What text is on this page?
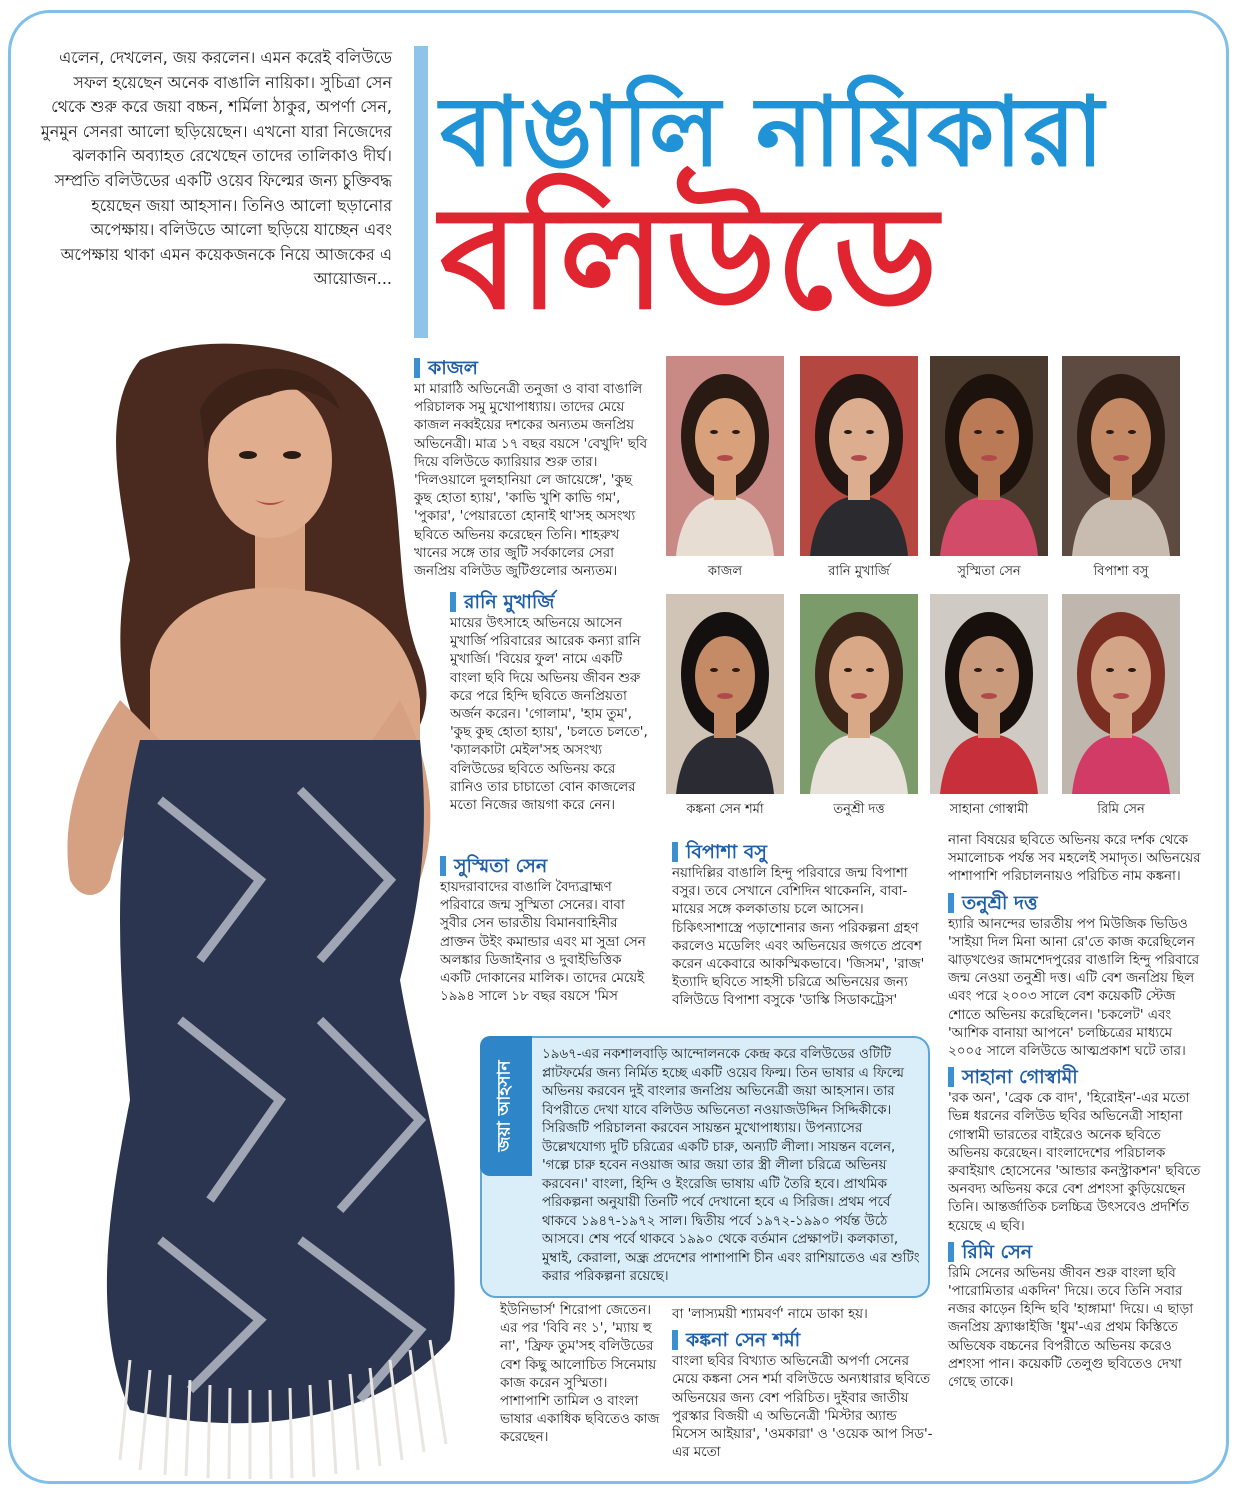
এলেন, দেখলেন, জয় করলেন। এমন করেই বলিউডে সফল হয়েছেন অনেক বাঙালি নায়িকা। সুচিত্রা সেন থেকে শুরু করে জয়া বচ্চন, শর্মিলা ঠাকুর, অপর্ণা সেন, মুনমুন সেনরা আলো ছড়িয়েছেন। এখনো যারা নিজেদের ঝলকানি অব্যাহত রেখেছেন তাদের তালিকাও দীর্ঘ। সম্প্রতি বলিউডের একটি ওয়েব ফিল্মের জন্য চুক্তিবদ্ধ হয়েছেন জয়া আহসান। তিনিও আলো ছড়ানোর অপেক্ষায়। বলিউডে আলো ছড়িয়ে যাচ্ছেন এবং অপেক্ষায় থাকা এমন কয়েকজনকে নিয়ে আজকের এ আয়োজন...
বাঙালি নায়িকারা
বলিউডে
কাজল
মা মারাঠি অভিনেত্রী তনুজা ও বাবা বাঙালি পরিচালক সমু মুখোপাধ্যায়। তাদের মেয়ে কাজল নব্বইয়ের দশকের অন্যতম জনপ্রিয় অভিনেত্রী। মাত্র ১৭ বছর বয়সে 'বেখুদি' ছবি দিয়ে বলিউডে ক্যারিয়ার শুরু তার। 'দিলওয়ালে দুলহানিয়া লে জায়েঙ্গে', 'কুছ কুছ হোতা হ্যায়', 'কাভি খুশি কাভি গম', 'পুকার', 'পেয়ারতো হোনাই থা'সহ অসংখ্য ছবিতে অভিনয় করেছেন তিনি। শাহরুখ খানের সঙ্গে তার জুটি সর্বকালের সেরা জনপ্রিয় বলিউড জুটিগুলোর অন্যতম।
রানি মুখার্জি
মায়ের উৎসাহে অভিনয়ে আসেন মুখার্জি পরিবারের আরেক কন্যা রানি মুখার্জি। 'বিয়ের ফুল' নামে একটি বাংলা ছবি দিয়ে অভিনয় জীবন শুরু করে পরে হিন্দি ছবিতে জনপ্রিয়তা অর্জন করেন। 'গোলাম', 'হাম তুম', 'কুছ কুছ হোতা হ্যায়', 'চলতে চলতে', 'ক্যালকাটা মেইল'সহ অসংখ্য বলিউডের ছবিতে অভিনয় করে রানিও তার চাচাতো বোন কাজলের মতো নিজের জায়গা করে নেন।
সুস্মিতা সেন
হায়দরাবাদের বাঙালি বৈদ্যব্রাহ্মণ পরিবারে জন্ম সুস্মিতা সেনের। বাবা সুবীর সেন ভারতীয় বিমানবাহিনীর প্রাক্তন উইং কমান্ডার এবং মা সুভ্রা সেন অলঙ্কার ডিজাইনার ও দুবাইভিত্তিক একটি দোকানের মালিক। তাদের মেয়েই ১৯৯৪ সালে ১৮ বছর বয়সে 'মিস
ইউনিভার্স' শিরোপা জেতেন। এর পর 'বিবি নং ১', 'ম্যায় হু না', 'ফ্রিফ তুম'সহ বলিউডের বেশ কিছু আলোচিত সিনেমায় কাজ করেন সুস্মিতা। পাশাপাশি তামিল ও বাংলা ভাষার একাধিক ছবিতেও কাজ করেছেন।
কাজল	রানি মুখার্জি	সুস্মিতা সেন	বিপাশা বসু
কঙ্কনা সেন শর্মা	তনুশ্রী দত্ত	সাহানা গোস্বামী	রিমি সেন
বিপাশা বসু
নয়াদিল্লির বাঙালি হিন্দু পরিবারে জন্ম বিপাশা বসুর। তবে সেখানে বেশিদিন থাকেননি, বাবা-মায়ের সঙ্গে কলকাতায় চলে আসেন। চিকিৎসাশাস্ত্রে পড়াশোনার জন্য পরিকল্পনা গ্রহণ করলেও মডেলিং এবং অভিনয়ের জগতে প্রবেশ করেন একেবারে আকস্মিকভাবে। 'জিসম', 'রাজ' ইত্যাদি ছবিতে সাহসী চরিত্রে অভিনয়ের জন্য বলিউডে বিপাশা বসুকে 'ডাস্কি সিডাকট্রেস'
বা 'লাস্যময়ী শ্যামবর্ণ' নামে ডাকা হয়।
কঙ্কনা সেন শর্মা
বাংলা ছবির বিখ্যাত অভিনেত্রী অপর্ণা সেনের মেয়ে কঙ্কনা সেন শর্মা বলিউডে অন্যধারার ছবিতে অভিনয়ের জন্য বেশ পরিচিত। দুইবার জাতীয় পুরস্কার বিজয়ী এ অভিনেত্রী 'মিস্টার অ্যান্ড মিসেস আইয়ার', 'ওমকারা' ও 'ওয়েক আপ সিড'-এর মতো
নানা বিষয়ের ছবিতে অভিনয় করে দর্শক থেকে সমালোচক পর্যন্ত সব মহলেই সমাদৃত। অভিনয়ের পাশাপাশি পরিচালনায়ও পরিচিত নাম কঙ্কনা।
তনুশ্রী দত্ত
হ্যারি আনন্দের ভারতীয় পপ মিউজিক ভিডিও 'সাইয়া দিল মিনা আনা রে'তে কাজ করেছিলেন ঝাড়খণ্ডের জামশেদপুরের বাঙালি হিন্দু পরিবারে জন্ম নেওয়া তনুশ্রী দত্ত। এটি বেশ জনপ্রিয় ছিল এবং পরে ২০০৩ সালে বেশ কয়েকটি স্টেজ শোতে অভিনয় করেছিলেন। 'চকলেট' এবং 'আশিক বানায়া আপনে' চলচ্চিত্রের মাধ্যমে ২০০৫ সালে বলিউডে আত্মপ্রকাশ ঘটে তার।
সাহানা গোস্বামী
'রক অন', 'ব্রেক কে বাদ', 'হিরোইন'-এর মতো ভিন্ন ধরনের বলিউড ছবির অভিনেত্রী সাহানা গোস্বামী ভারতের বাইরেও অনেক ছবিতে অভিনয় করেছেন। বাংলাদেশের পরিচালক রুবাইয়াৎ হোসেনের 'আন্ডার কনস্ট্রাকশন' ছবিতে অনবদ্য অভিনয় করে বেশ প্রশংসা কুড়িয়েছেন তিনি। আন্তর্জাতিক চলচ্চিত্র উৎসবেও প্রদর্শিত হয়েছে এ ছবি।
রিমি সেন
রিমি সেনের অভিনয় জীবন শুরু বাংলা ছবি 'পারোমিতার একদিন' দিয়ে। তবে তিনি সবার নজর কাড়েন হিন্দি ছবি 'হাঙ্গামা' দিয়ে। এ ছাড়া জনপ্রিয় ফ্র্যাঞ্চাইজি 'ধুম'-এর প্রথম কিস্তিতে অভিষেক বচ্চনের বিপরীতে অভিনয় করেও প্রশংসা পান। কয়েকটি তেলুগু ছবিতেও দেখা গেছে তাকে।
জয়া আহসান
১৯৬৭-এর নকশালবাড়ি আন্দোলনকে কেন্দ্র করে বলিউডের ওটিটি প্লাটফর্মের জন্য নির্মিত হচ্ছে একটি ওয়েব ফিল্ম। তিন ভাষার এ ফিল্মে অভিনয় করবেন দুই বাংলার জনপ্রিয় অভিনেত্রী জয়া আহসান। তার বিপরীতে দেখা যাবে বলিউড অভিনেতা নওয়াজউদ্দিন সিদ্দিকীকে। সিরিজটি পরিচালনা করবেন সায়ন্তন মুখোপাধ্যায়। উপন্যাসের উল্লেখযোগ্য দুটি চরিত্রের একটি চারু, অন্যটি লীলা। সায়ন্তন বলেন, 'গল্পে চারু হবেন নওয়াজ আর জয়া তার স্ত্রী লীলা চরিত্রে অভিনয় করবেন।' বাংলা, হিন্দি ও ইংরেজি ভাষায় এটি তৈরি হবে। প্রাথমিক পরিকল্পনা অনুযায়ী তিনটি পর্বে দেখানো হবে এ সিরিজ। প্রথম পর্বে থাকবে ১৯৪৭-১৯৭২ সাল। দ্বিতীয় পর্বে ১৯৭২-১৯৯০ পর্যন্ত উঠে আসবে। শেষ পর্বে থাকবে ১৯৯০ থেকে বর্তমান প্রেক্ষাপট। কলকাতা, মুম্বাই, কেরালা, অন্ধ্র প্রদেশের পাশাপাশি চীন এবং রাশিয়াতেও এর শুটিং করার পরিকল্পনা রয়েছে।
